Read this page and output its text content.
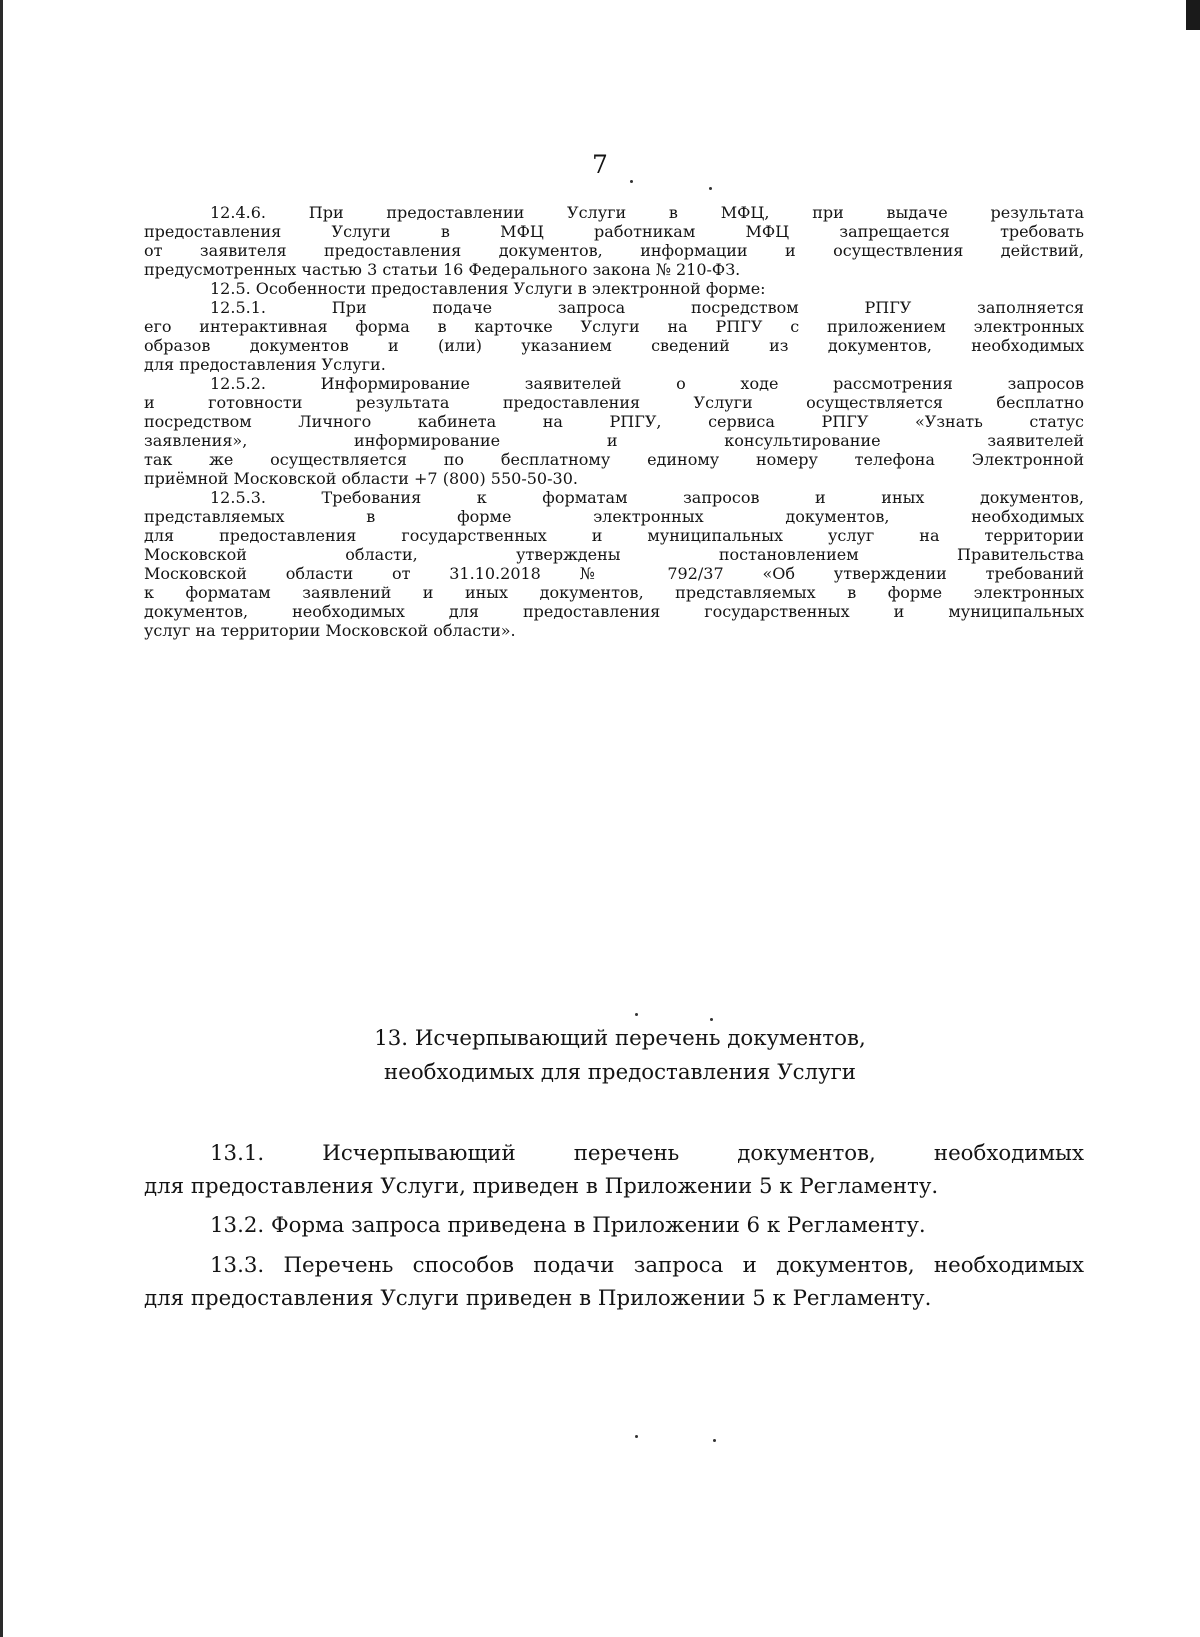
7
12.4.6. При предоставлении Услуги в МФЦ, при выдаче результата
предоставления Услуги в МФЦ работникам МФЦ запрещается требовать
от заявителя предоставления документов, информации и осуществления действий,
предусмотренных частью 3 статьи 16 Федерального закона № 210-ФЗ.
12.5. Особенности предоставления Услуги в электронной форме:
12.5.1. При подаче запроса посредством РПГУ заполняется
его интерактивная форма в карточке Услуги на РПГУ с приложением электронных
образов документов и (или) указанием сведений из документов, необходимых
для предоставления Услуги.
12.5.2. Информирование заявителей о ходе рассмотрения запросов
и готовности результата предоставления Услуги осуществляется бесплатно
посредством Личного кабинета на РПГУ, сервиса РПГУ «Узнать статус
заявления», информирование и консультирование заявителей
так же осуществляется по бесплатному единому номеру телефона Электронной
приёмной Московской области +7 (800) 550-50-30.
12.5.3. Требования к форматам запросов и иных документов,
представляемых в форме электронных документов, необходимых
для предоставления государственных и муниципальных услуг на территории
Московской области, утверждены постановлением Правительства
Московской области от 31.10.2018 № 792/37 «Об утверждении требований
к форматам заявлений и иных документов, представляемых в форме электронных
документов, необходимых для предоставления государственных и муниципальных
услуг на территории Московской области».
13. Исчерпывающий перечень документов,
необходимых для предоставления Услуги
13.1. Исчерпывающий перечень документов, необходимых
для предоставления Услуги, приведен в Приложении 5 к Регламенту.
13.2. Форма запроса приведена в Приложении 6 к Регламенту.
13.3. Перечень способов подачи запроса и документов, необходимых
для предоставления Услуги приведен в Приложении 5 к Регламенту.
